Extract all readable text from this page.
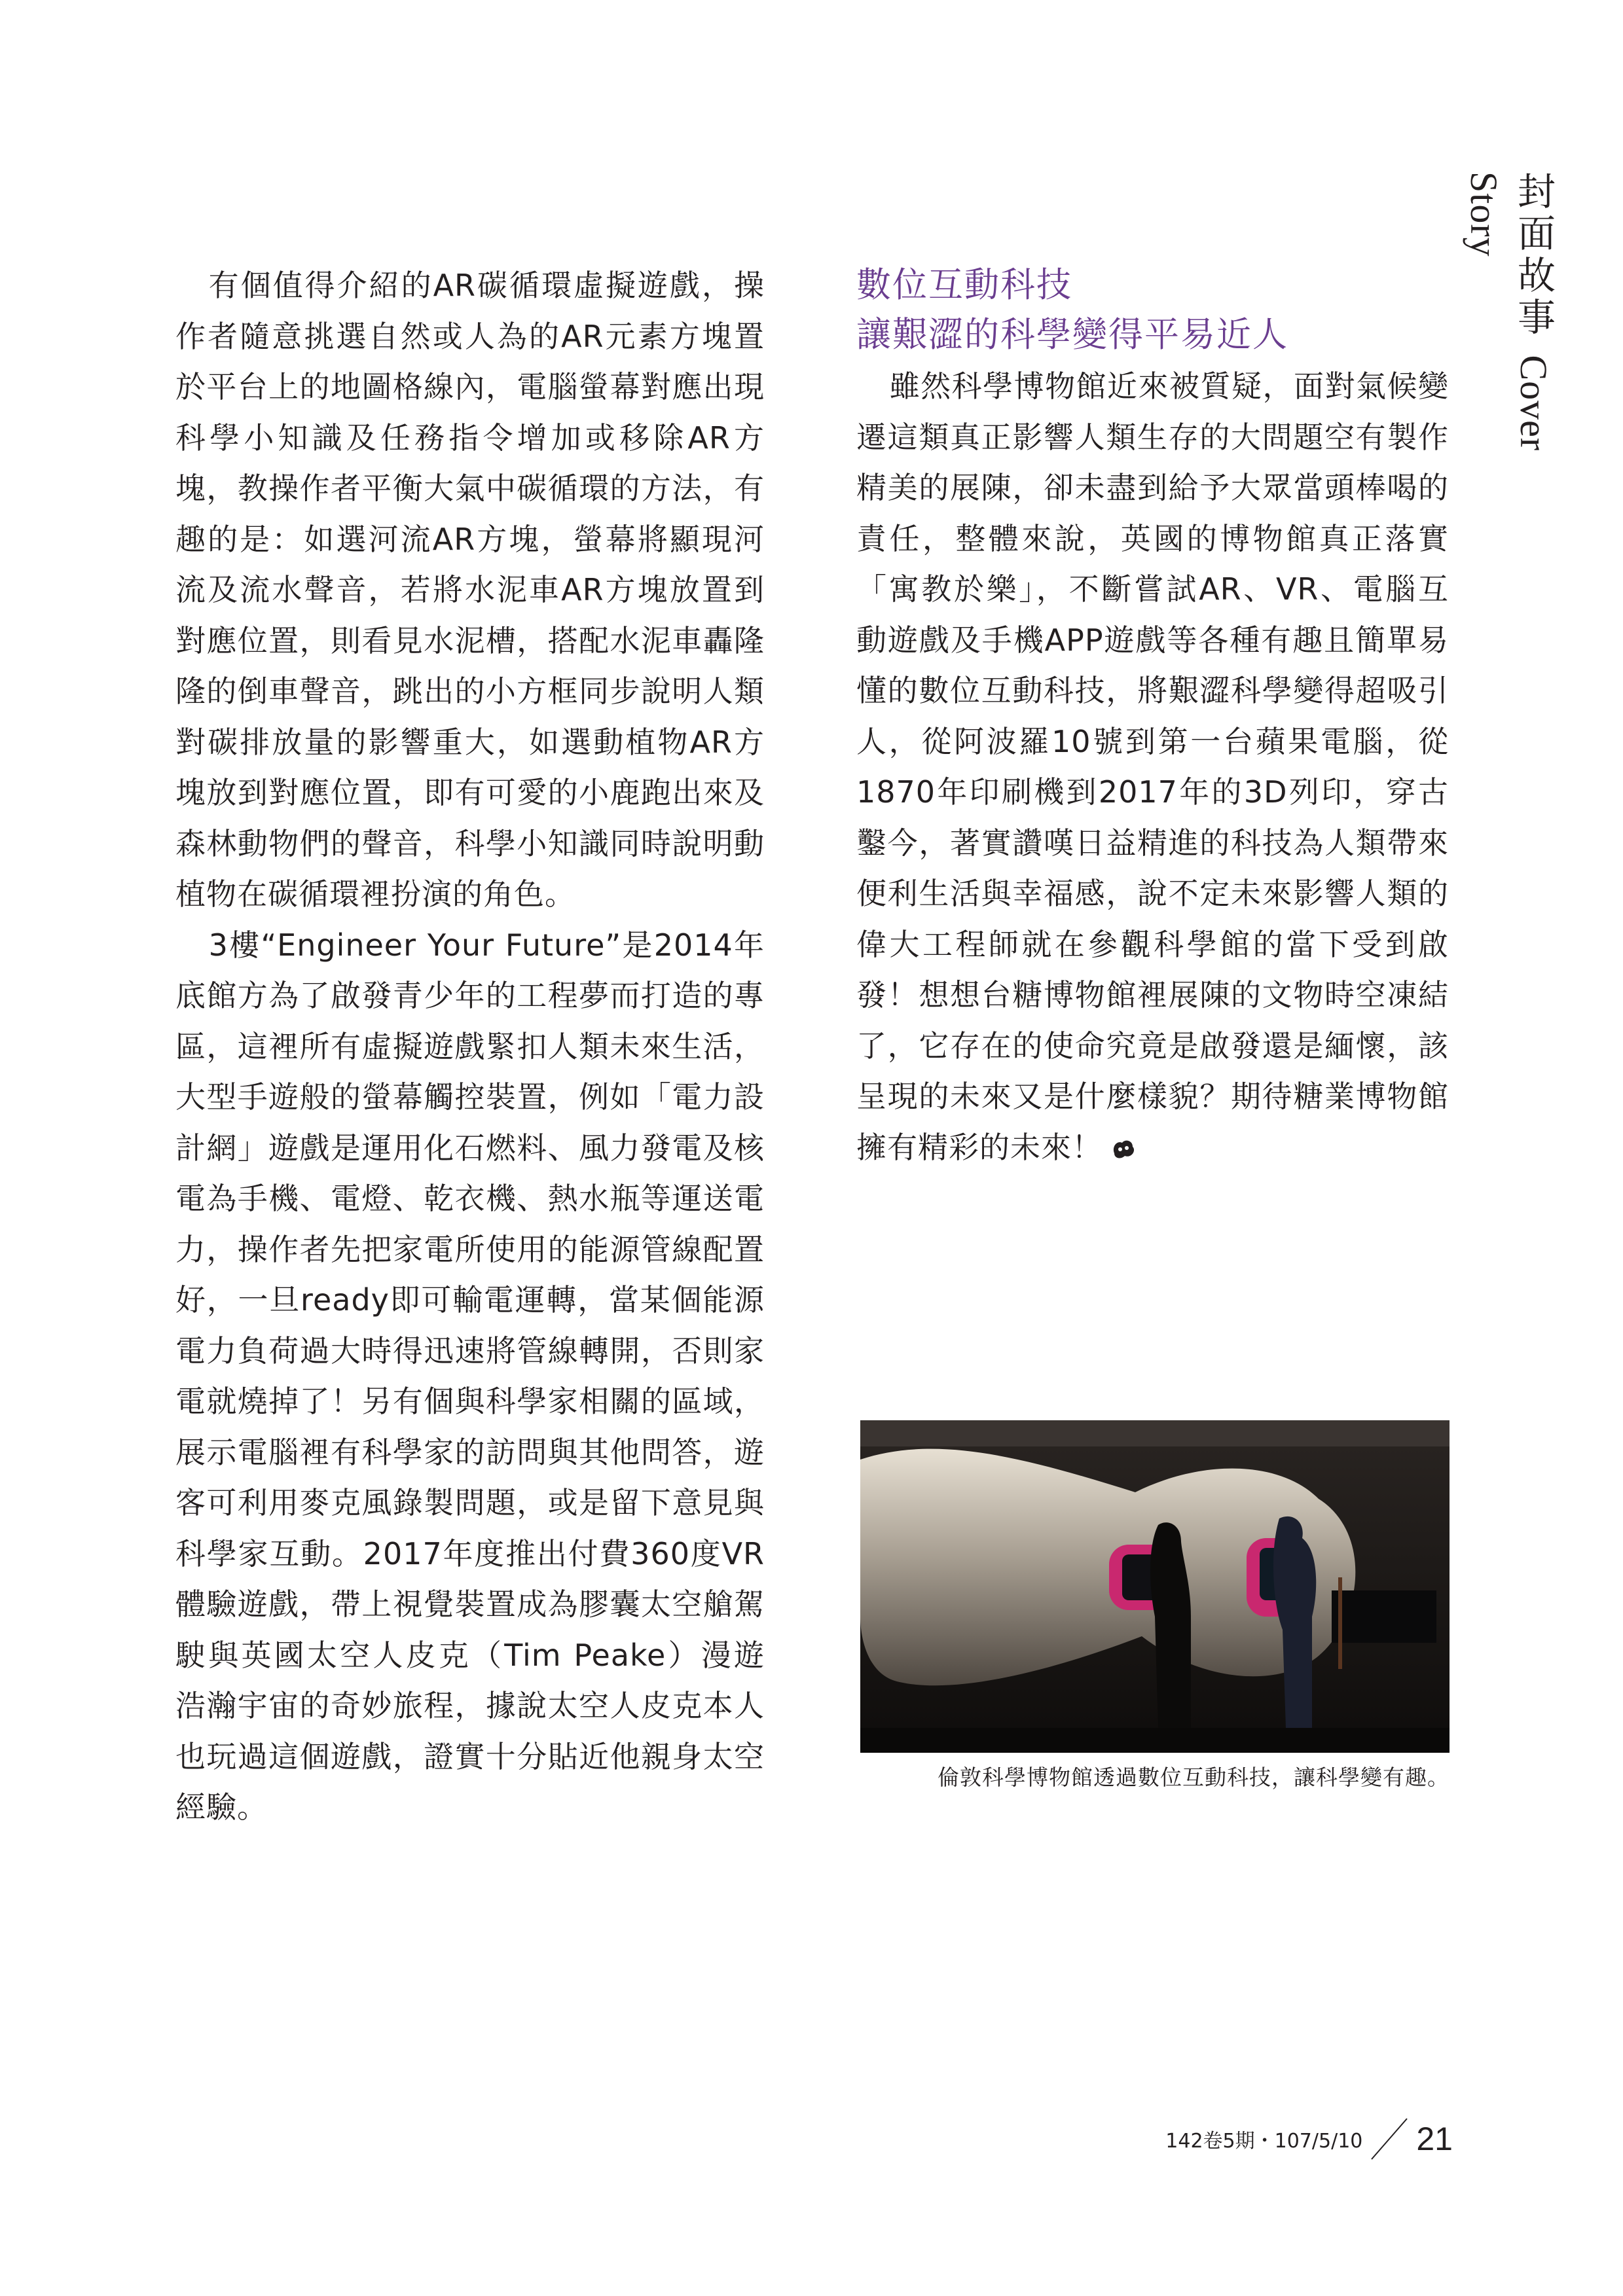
封面故事 Cover Story

有個值得介紹的AR碳循環虛擬遊戲，操作者隨意挑選自然或人為的AR元素方塊置於平台上的地圖格線內，電腦螢幕對應出現科學小知識及任務指令增加或移除AR方塊，教操作者平衡大氣中碳循環的方法，有趣的是：如選河流AR方塊，螢幕將顯現河流及流水聲音，若將水泥車AR方塊放置到對應位置，則看見水泥槽，搭配水泥車轟隆隆的倒車聲音，跳出的小方框同步說明人類對碳排放量的影響重大，如選動植物AR方塊放到對應位置，即有可愛的小鹿跑出來及森林動物們的聲音，科學小知識同時說明動植物在碳循環裡扮演的角色。

3樓“Engineer Your Future”是2014年底館方為了啟發青少年的工程夢而打造的專區，這裡所有虛擬遊戲緊扣人類未來生活，大型手遊般的螢幕觸控裝置，例如「電力設計網」遊戲是運用化石燃料、風力發電及核電為手機、電燈、乾衣機、熱水瓶等運送電力，操作者先把家電所使用的能源管線配置好，一旦ready即可輸電運轉，當某個能源電力負荷過大時得迅速將管線轉開，否則家電就燒掉了！另有個與科學家相關的區域，展示電腦裡有科學家的訪問與其他問答，遊客可利用麥克風錄製問題，或是留下意見與科學家互動。2017年度推出付費360度VR體驗遊戲，帶上視覺裝置成為膠囊太空艙駕駛與英國太空人皮克（Tim Peake）漫遊浩瀚宇宙的奇妙旅程，據說太空人皮克本人也玩過這個遊戲，證實十分貼近他親身太空經驗。

數位互動科技
讓艱澀的科學變得平易近人

雖然科學博物館近來被質疑，面對氣候變遷這類真正影響人類生存的大問題空有製作精美的展陳，卻未盡到給予大眾當頭棒喝的責任，整體來說，英國的博物館真正落實「寓教於樂」，不斷嘗試AR、VR、電腦互動遊戲及手機APP遊戲等各種有趣且簡單易懂的數位互動科技，將艱澀科學變得超吸引人，從阿波羅10號到第一台蘋果電腦，從1870年印刷機到2017年的3D列印，穿古鑿今，著實讚嘆日益精進的科技為人類帶來便利生活與幸福感，說不定未來影響人類的偉大工程師就在參觀科學館的當下受到啟發！想想台糖博物館裡展陳的文物時空凍結了，它存在的使命究竟是啟發還是緬懷，該呈現的未來又是什麼樣貌？期待糖業博物館擁有精彩的未來！

倫敦科學博物館透過數位互動科技，讓科學變有趣。
142卷5期・107/5/10 21
